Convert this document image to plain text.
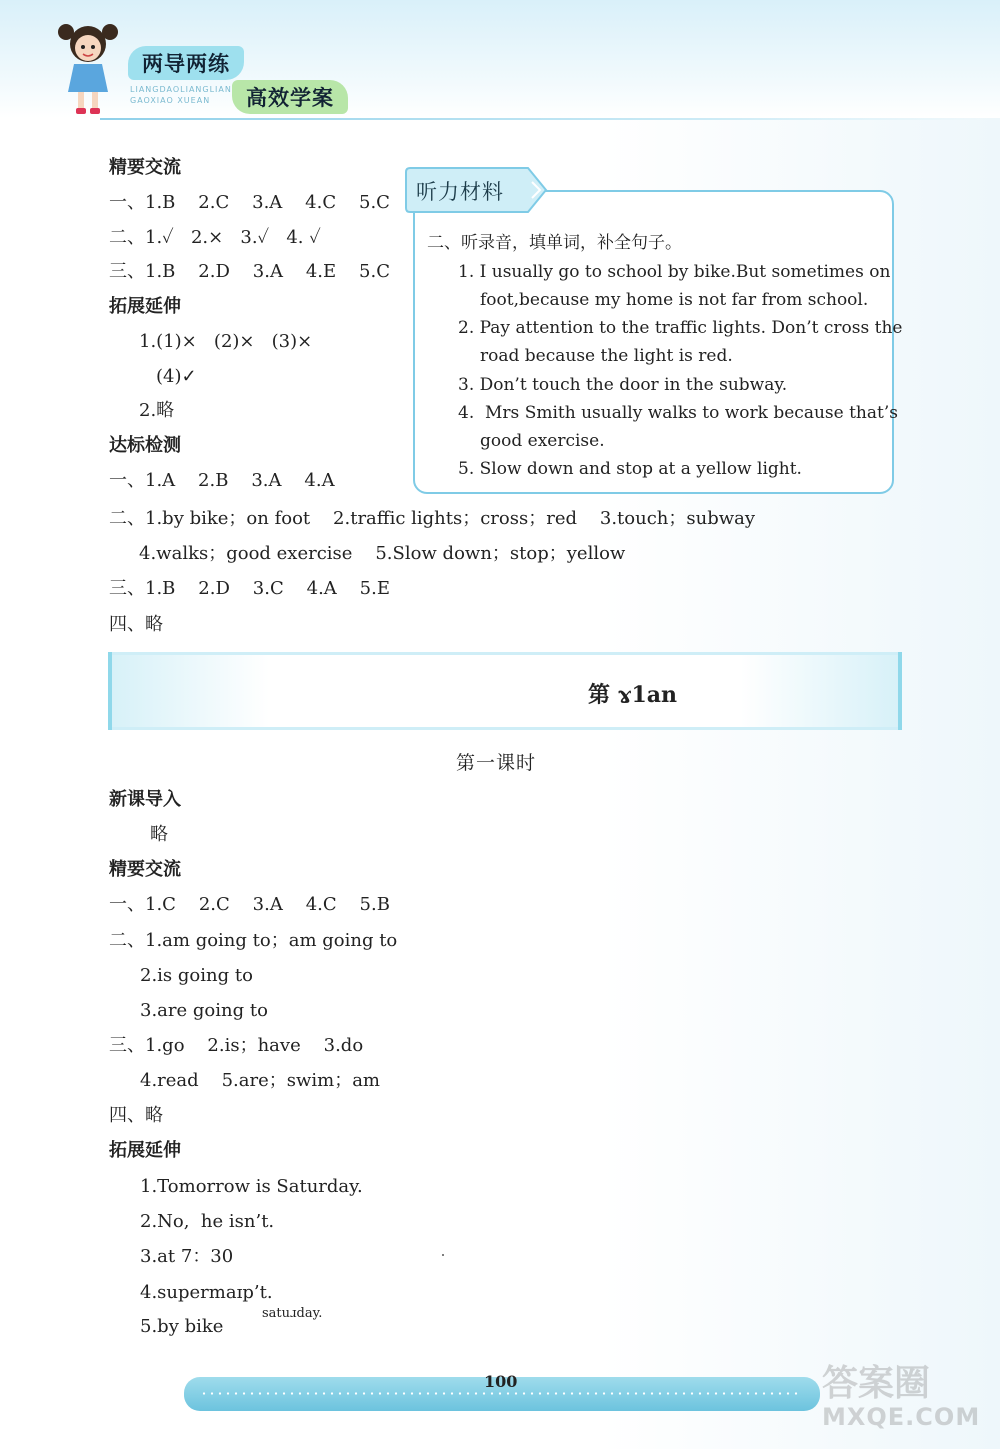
两导两练
LIANGDAOLIANGLIAN
GAOXIAO XUEAN	高效学案
精要交流
一、1.B    2.C    3.A    4.C    5.C
二、1.✓   2.×   3.✓   4. ✓
三、1.B    2.D    3.A    4.E    5.C
拓展延伸
1.(1)×   (2)×   (3)×
(4)✓
2.略
达标检测
一、1.A    2.B    3.A    4.A
二、1.by bike；on foot    2.traffic lights；cross；red    3.touch；subway
4.walks；good exercise    5.Slow down；stop；yellow
三、1.B    2.D    3.C    4.A    5.E
四、略
听力材料
二、听录音，填单词，补全句子。
1. I usually go to school by bike.But sometimes on
foot,because my home is not far from school.
2. Pay attention to the traffic lights. Don’t cross the
road because the light is red.
3. Don’t touch the door in the subway.
4.  Mrs Smith usually walks to work because that’s
good exercise.
5. Slow down and stop at a yellow light.
第 ɤ1an
第一课时
新课导入
略
精要交流
一、1.C    2.C    3.A    4.C    5.B
二、1.am going to；am going to
2.is going to
3.are going to
三、1.go    2.is；have    3.do
4.read    5.are；swim；am
四、略
拓展延伸
1.Tomorrow is Saturday.
2.No,  he isn’t.
3.at 7：30
4.supermaɪp’t.
5.by bike
satuɹday.
100	答案圈
MXQE.COM
